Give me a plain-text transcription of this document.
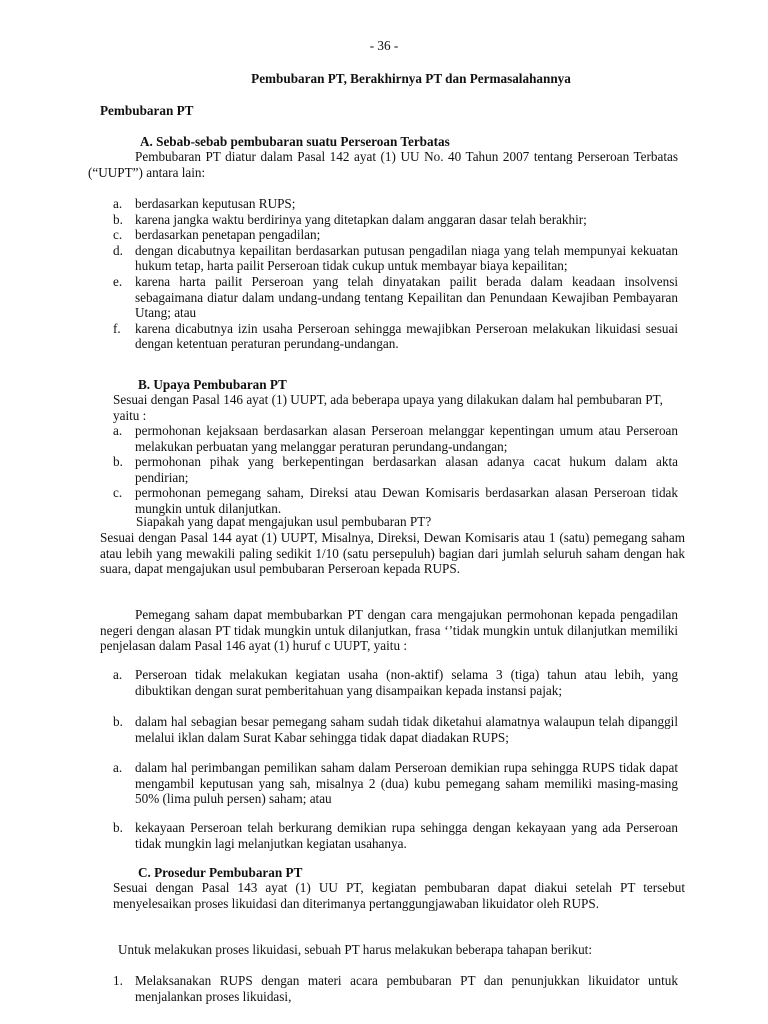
- 36 -
Pembubaran PT, Berakhirnya PT dan Permasalahannya
Pembubaran PT
A. Sebab-sebab pembubaran suatu Perseroan Terbatas
Pembubaran PT diatur dalam Pasal 142 ayat (1) UU No. 40 Tahun 2007 tentang Perseroan Terbatas (“UUPT”) antara lain:
a. berdasarkan keputusan RUPS;
b. karena jangka waktu berdirinya yang ditetapkan dalam anggaran dasar telah berakhir;
c. berdasarkan penetapan pengadilan;
d. dengan dicabutnya kepailitan berdasarkan putusan pengadilan niaga yang telah mempunyai kekuatan hukum tetap, harta pailit Perseroan tidak cukup untuk membayar biaya kepailitan;
e. karena harta pailit Perseroan yang telah dinyatakan pailit berada dalam keadaan insolvensi sebagaimana diatur dalam undang-undang tentang Kepailitan dan Penundaan Kewajiban Pembayaran Utang; atau
f.	karena dicabutnya izin usaha Perseroan sehingga mewajibkan Perseroan melakukan likuidasi sesuai dengan ketentuan peraturan perundang-undangan.
B. Upaya Pembubaran PT
Sesuai dengan Pasal 146 ayat (1) UUPT, ada beberapa upaya yang dilakukan dalam hal pembubaran PT, yaitu :
a. permohonan kejaksaan berdasarkan alasan Perseroan melanggar kepentingan umum atau Perseroan melakukan perbuatan yang melanggar peraturan perundang-undangan;
b. permohonan pihak yang berkepentingan berdasarkan alasan adanya cacat hukum dalam akta pendirian;
c. permohonan pemegang saham, Direksi atau Dewan Komisaris berdasarkan alasan Perseroan tidak mungkin untuk dilanjutkan.
Siapakah yang dapat mengajukan usul pembubaran PT?
Sesuai dengan Pasal 144 ayat (1) UUPT, Misalnya, Direksi, Dewan Komisaris atau 1 (satu) pemegang saham atau lebih yang mewakili paling sedikit 1/10 (satu persepuluh) bagian dari jumlah seluruh saham dengan hak suara, dapat mengajukan usul pembubaran Perseroan kepada RUPS.
Pemegang saham dapat membubarkan PT dengan cara mengajukan permohonan kepada pengadilan negeri dengan alasan PT tidak mungkin untuk dilanjutkan, frasa ‘’tidak mungkin untuk dilanjutkan memiliki penjelasan dalam Pasal 146 ayat (1) huruf c UUPT, yaitu :
a. Perseroan tidak melakukan kegiatan usaha (non-aktif) selama 3 (tiga) tahun atau lebih, yang dibuktikan dengan surat pemberitahuan yang disampaikan kepada instansi pajak;
b. dalam hal sebagian besar pemegang saham sudah tidak diketahui alamatnya walaupun telah dipanggil melalui iklan dalam Surat Kabar sehingga tidak dapat diadakan RUPS;
a. dalam hal perimbangan pemilikan saham dalam Perseroan demikian rupa sehingga RUPS tidak dapat mengambil keputusan yang sah, misalnya 2 (dua) kubu pemegang saham memiliki masing-masing 50% (lima puluh persen) saham; atau
b. kekayaan Perseroan telah berkurang demikian rupa sehingga dengan kekayaan yang ada Perseroan tidak mungkin lagi melanjutkan kegiatan usahanya.
C. Prosedur Pembubaran PT
Sesuai dengan Pasal 143 ayat (1) UU PT, kegiatan pembubaran dapat diakui setelah PT tersebut menyelesaikan proses likuidasi dan diterimanya pertanggungjawaban likuidator oleh RUPS.
Untuk melakukan proses likuidasi, sebuah PT harus melakukan beberapa tahapan berikut:
1. Melaksanakan RUPS dengan materi acara pembubaran PT dan penunjukkan likuidator untuk menjalankan proses likuidasi,
